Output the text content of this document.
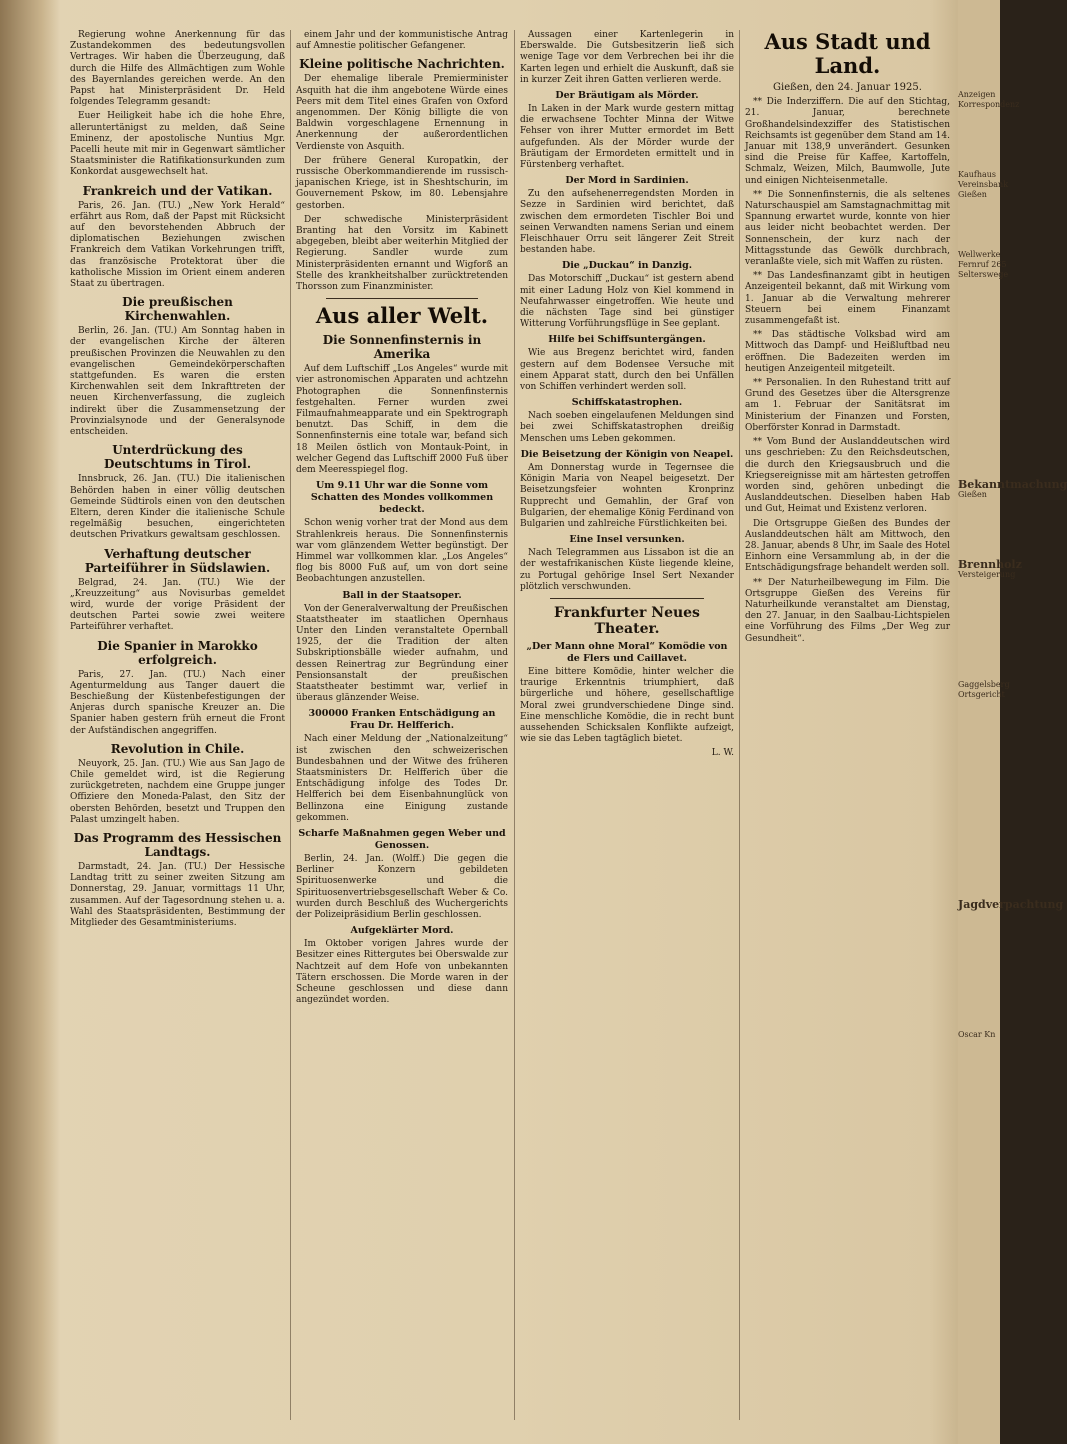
Regierung wohne Anerkennung für das Zustandekommen des bedeutungsvollen Vertrages. Wir haben die Überzeugung, daß durch die Hilfe des Allmächtigen zum Wohle des Bayernlandes gereichen werde. An den Papst hat Ministerpräsident Dr. Held folgendes Telegramm gesandt:

Euer Heiligkeit habe ich die hohe Ehre, alleruntertänigst zu melden, daß Seine Eminenz, der apostolische Nuntius Mgr. Pacelli heute mit mir in Gegenwart sämtlicher Staatsminister die Ratifikationsurkunden zum Konkordat ausgewechselt hat.

Frankreich und der Vatikan.

Paris, 26. Jan. (TU.) „New York Herald“ erfährt aus Rom, daß der Papst mit Rücksicht auf den bevorstehenden Abbruch der diplomatischen Beziehungen zwischen Frankreich dem Vatikan Vorkehrungen trifft, das französische Protektorat über die katholische Mission im Orient einem anderen Staat zu übertragen.

Die preußischen Kirchenwahlen.

Berlin, 26. Jan. (TU.) Am Sonntag haben in der evangelischen Kirche der älteren preußischen Provinzen die Neuwahlen zu den evangelischen Gemeindekörperschaften stattgefunden. Es waren die ersten Kirchenwahlen seit dem Inkrafttreten der neuen Kirchenverfassung, die zugleich indirekt über die Zusammensetzung der Provinzialsynode und der Generalsynode entscheiden.

Unterdrückung des Deutschtums in Tirol.

Innsbruck, 26. Jan. (TU.) Die italienischen Behörden haben in einer völlig deutschen Gemeinde Südtirols einen von den deutschen Eltern, deren Kinder die italienische Schule regelmäßig besuchen, eingerichteten deutschen Privatkurs gewaltsam geschlossen.

Verhaftung deutscher Parteiführer in Südslawien.

Belgrad, 24. Jan. (TU.) Wie der „Kreuzzeitung“ aus Novisurbas gemeldet wird, wurde der vorige Präsident der deutschen Partei sowie zwei weitere Parteiführer verhaftet.

Die Spanier in Marokko erfolgreich.

Paris, 27. Jan. (TU.) Nach einer Agenturmeldung aus Tanger dauert die Beschießung der Küstenbefestigungen der Anjeras durch spanische Kreuzer an. Die Spanier haben gestern früh erneut die Front der Aufständischen angegriffen.

Revolution in Chile.

Neuyork, 25. Jan. (TU.) Wie aus San Jago de Chile gemeldet wird, ist die Regierung zurückgetreten, nachdem eine Gruppe junger Offiziere den Moneda-Palast, den Sitz der obersten Behörden, besetzt und Truppen den Palast umzingelt haben.

Das Programm des Hessischen Landtags.

Darmstadt, 24. Jan. (TU.) Der Hessische Landtag tritt zu seiner zweiten Sitzung am Donnerstag, 29. Januar, vormittags 11 Uhr, zusammen. Auf der Tagesordnung stehen u. a. Wahl des Staatspräsidenten, Bestimmung der Mitglieder des Gesamtministeriums.

einem Jahr und der kommunistische Antrag auf Amnestie politischer Gefangener.

Kleine politische Nachrichten.

Der ehemalige liberale Premierminister Asquith hat die ihm angebotene Würde eines Peers mit dem Titel eines Grafen von Oxford angenommen. Der König billigte die von Baldwin vorgeschlagene Ernennung in Anerkennung der außerordentlichen Verdienste von Asquith.

Der frühere General Kuropatkin, der russische Oberkommandierende im russisch-japanischen Kriege, ist in Sheshtschurin, im Gouvernement Pskow, im 80. Lebensjahre gestorben.

Der schwedische Ministerpräsident Branting hat den Vorsitz im Kabinett abgegeben, bleibt aber weiterhin Mitglied der Regierung. Sandler wurde zum Ministerpräsidenten ernannt und Wigforß an Stelle des krankheitshalber zurücktretenden Thorsson zum Finanzminister.

Aus aller Welt.
Die Sonnenfinsternis in Amerika

Auf dem Luftschiff „Los Angeles“ wurde mit vier astronomischen Apparaten und achtzehn Photographen die Sonnenfinsternis festgehalten. Ferner wurden zwei Filmaufnahmeapparate und ein Spektrograph benutzt. Das Schiff, in dem die Sonnenfinsternis eine totale war, befand sich 18 Meilen östlich von Montauk-Point, in welcher Gegend das Luftschiff 2000 Fuß über dem Meeresspiegel flog.

Um 9.11 Uhr war die Sonne vom Schatten des Mondes vollkommen bedeckt.

Schon wenig vorher trat der Mond aus dem Strahlenkreis heraus. Die Sonnenfinsternis war vom glänzendem Wetter begünstigt. Der Himmel war vollkommen klar. „Los Angeles“ flog bis 8000 Fuß auf, um von dort seine Beobachtungen anzustellen.

Ball in der Staatsoper.

Von der Generalverwaltung der Preußischen Staatstheater im staatlichen Opernhaus Unter den Linden veranstaltete Opernball 1925, der die Tradition der alten Subskriptionsbälle wieder aufnahm, und dessen Reinertrag zur Begründung einer Pensionsanstalt der preußischen Staatstheater bestimmt war, verlief in überaus glänzender Weise.

300000 Franken Entschädigung an Frau Dr. Helfferich.

Nach einer Meldung der „Nationalzeitung“ ist zwischen den schweizerischen Bundesbahnen und der Witwe des früheren Staatsministers Dr. Helfferich über die Entschädigung infolge des Todes Dr. Helfferich bei dem Eisenbahnunglück von Bellinzona eine Einigung zustande gekommen.

Scharfe Maßnahmen gegen Weber und Genossen.

Berlin, 24. Jan. (Wolff.) Die gegen die Berliner Konzern gebildeten Spirituosenwerke und die Spirituosenvertriebsgesellschaft Weber & Co. wurden durch Beschluß des Wuchergerichts der Polizeipräsidium Berlin geschlossen.

Aufgeklärter Mord.

Im Oktober vorigen Jahres wurde der Besitzer eines Rittergutes bei Oberswalde zur Nachtzeit auf dem Hofe von unbekannten Tätern erschossen. Die Morde waren in der Scheune geschlossen und diese dann angezündet worden.

Aussagen einer Kartenlegerin in Eberswalde. Die Gutsbesitzerin ließ sich wenige Tage vor dem Verbrechen bei ihr die Karten legen und erhielt die Auskunft, daß sie in kurzer Zeit ihren Gatten verlieren werde.

Der Bräutigam als Mörder.

In Laken in der Mark wurde gestern mittag die erwachsene Tochter Minna der Witwe Fehser von ihrer Mutter ermordet im Bett aufgefunden. Als der Mörder wurde der Bräutigam der Ermordeten ermittelt und in Fürstenberg verhaftet.

Der Mord in Sardinien.

Zu den aufsehenerregendsten Morden in Sezze in Sardinien wird berichtet, daß zwischen dem ermordeten Tischler Boi und seinen Verwandten namens Serian und einem Fleischhauer Orru seit längerer Zeit Streit bestanden habe.

Die „Duckau“ in Danzig.

Das Motorschiff „Duckau“ ist gestern abend mit einer Ladung Holz von Kiel kommend in Neufahrwasser eingetroffen. Wie heute und die nächsten Tage sind bei günstiger Witterung Vorführungsflüge in See geplant.

Hilfe bei Schiffsuntergängen.

Wie aus Bregenz berichtet wird, fanden gestern auf dem Bodensee Versuche mit einem Apparat statt, durch den bei Unfällen von Schiffen verhindert werden soll.

Schiffskatastrophen.

Nach soeben eingelaufenen Meldungen sind bei zwei Schiffskatastrophen dreißig Menschen ums Leben gekommen.

Die Beisetzung der Königin von Neapel.

Am Donnerstag wurde in Tegernsee die Königin Maria von Neapel beigesetzt. Der Beisetzungsfeier wohnten Kronprinz Rupprecht und Gemahlin, der Graf von Bulgarien, der ehemalige König Ferdinand von Bulgarien und zahlreiche Fürstlichkeiten bei.

Eine Insel versunken.

Nach Telegrammen aus Lissabon ist die an der westafrikanischen Küste liegende kleine, zu Portugal gehörige Insel Sert Nexander plötzlich verschwunden.

Frankfurter Neues Theater.
„Der Mann ohne Moral“ Komödie von de Flers und Caillavet.

Eine bittere Komödie, hinter welcher die traurige Erkenntnis triumphiert, daß bürgerliche und höhere, gesellschaftlige Moral zwei grundverschiedene Dinge sind. Eine menschliche Komödie, die in recht bunt aussehenden Schicksalen Konflikte aufzeigt, wie sie das Leben tagtäglich bietet.

L. W.

Aus Stadt und Land.
Gießen, den 24. Januar 1925.

** Die Inderziffern. Die auf den Stichtag, 21. Januar, berechnete Großhandelsindexziffer des Statistischen Reichsamts ist gegenüber dem Stand am 14. Januar mit 138,9 unverändert. Gesunken sind die Preise für Kaffee, Kartoffeln, Schmalz, Weizen, Milch, Baumwolle, Jute und einigen Nichteisenmetalle.

** Die Sonnenfinsternis, die als seltenes Naturschauspiel am Samstagnachmittag mit Spannung erwartet wurde, konnte von hier aus leider nicht beobachtet werden. Der Sonnenschein, der kurz nach der Mittagsstunde das Gewölk durchbrach, veranlaßte viele, sich mit Waffen zu rüsten.

** Das Landesfinanzamt gibt in heutigen Anzeigenteil bekannt, daß mit Wirkung vom 1. Januar ab die Verwaltung mehrerer Steuern bei einem Finanzamt zusammengefaßt ist.

** Das städtische Volksbad wird am Mittwoch das Dampf- und Heißluftbad neu eröffnen. Die Badezeiten werden im heutigen Anzeigenteil mitgeteilt.

** Personalien. In den Ruhestand tritt auf Grund des Gesetzes über die Altersgrenze am 1. Februar der Sanitätsrat im Ministerium der Finanzen und Forsten, Oberförster Konrad in Darmstadt.

** Vom Bund der Auslanddeutschen wird uns geschrieben: Zu den Reichsdeutschen, die durch den Kriegsausbruch und die Kriegsereignisse mit am härtesten getroffen worden sind, gehören unbedingt die Auslanddeutschen. Dieselben haben Hab und Gut, Heimat und Existenz verloren.

Die Ortsgruppe Gießen des Bundes der Auslanddeutschen hält am Mittwoch, den 28. Januar, abends 8 Uhr, im Saale des Hotel Einhorn eine Versammlung ab, in der die Entschädigungsfrage behandelt werden soll.

** Der Naturheilbewegung im Film. Die Ortsgruppe Gießen des Vereins für Naturheilkunde veranstaltet am Dienstag, den 27. Januar, in den Saalbau-Lichtspielen eine Vorführung des Films „Der Weg zur Gesundheit“.

Anzeigen
Korrespondenz
Kaufhaus
Vereinsbank
Gießen
Wellwerke
Fernruf 265
Selterswege
Bekanntmachung
Gießen
Brennholz
Versteigerung
Gaggelsberg
Ortsgericht
Jagdverpachtung
Oscar Kn
